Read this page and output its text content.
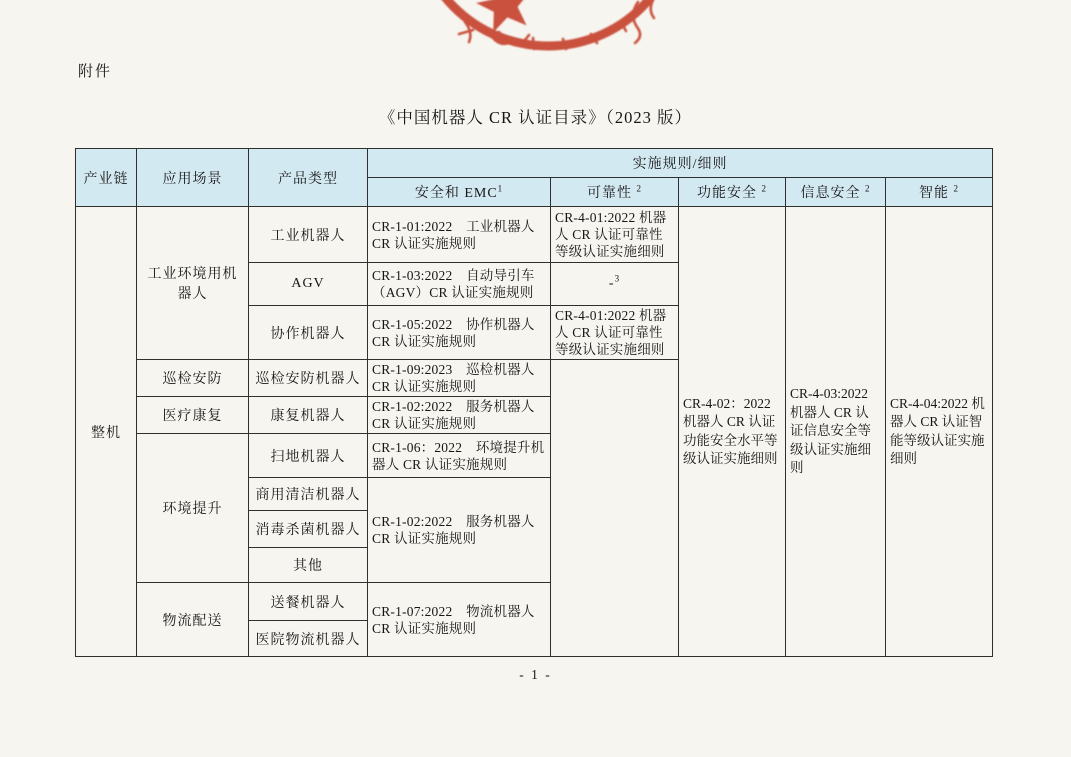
附件
《中国机器人 CR 认证目录》（2023 版）
产业链	应用场景	产品类型	实施规则/细则				
			安全和 EMC$^1$	可靠性 $^2$	功能安全 $^2$	信息安全 $^2$	智能 $^2$
整机	工业环境用机器人	工业机器人	CR-1-01:2022　工业机器人 CR 认证实施规则	CR-4-01:2022 机器人 CR 认证可靠性等级认证实施细则	CR-4-02：2022 机器人 CR 认证功能安全水平等级认证实施细则	CR-4-03:2022 机器人 CR 认证信息安全等级认证实施细则	CR-4-04:2022 机器人 CR 认证智能等级认证实施细则
		AGV	CR-1-03:2022　自动导引车（AGV）CR 认证实施规则	-$^3$
		协作机器人	CR-1-05:2022　协作机器人 CR 认证实施规则	CR-4-01:2022 机器人 CR 认证可靠性等级认证实施细则			
	巡检安防	巡检安防机器人	CR-1-09:2023　巡检机器人 CR 认证实施规则				
	医疗康复	康复机器人	CR-1-02:2022　服务机器人 CR 认证实施规则				
	环境提升	扫地机器人	CR-1-06：2022　环境提升机器人 CR 认证实施规则				
		商用清洁机器人	CR-1-02:2022　服务机器人 CR 认证实施规则				
		消毒杀菌机器人					
		其他					
	物流配送	送餐机器人	CR-1-07:2022　物流机器人 CR 认证实施规则				
		医院物流机器人					
- 1 -
